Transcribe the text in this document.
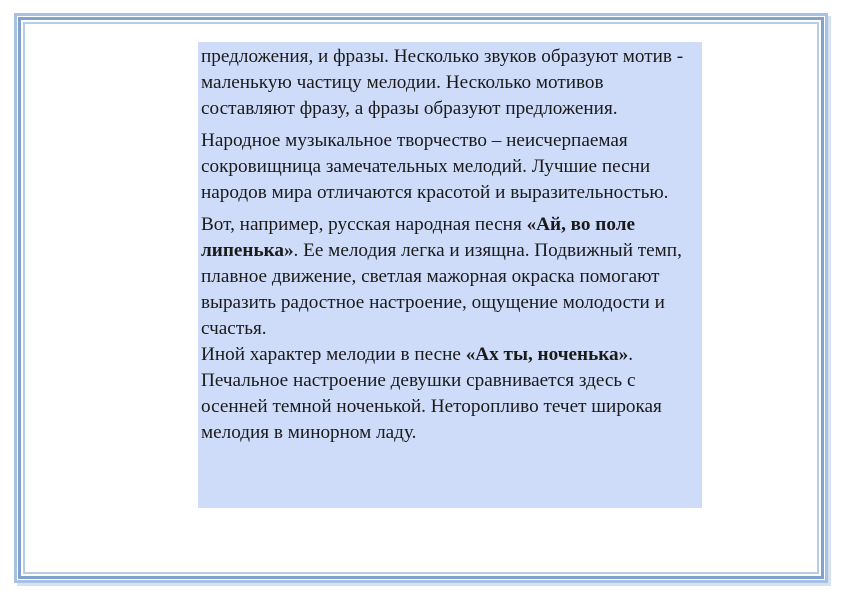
предложения, и фразы. Несколько звуков образуют мотив - маленькую частицу мелодии. Несколько мотивов составляют фразу, а фразы образуют предложения.

Народное музыкальное творчество – неисчерпаемая сокровищница замечательных мелодий. Лучшие песни народов мира отличаются красотой и выразительностью.

Вот, например, русская народная песня «Ай, во поле липенька». Ее мелодия легка и изящна. Подвижный темп, плавное движение, светлая мажорная окраска помогают выразить радостное настроение, ощущение молодости и счастья.

Иной характер мелодии в песне «Ах ты, ноченька». Печальное настроение девушки сравнивается здесь с осенней темной ноченькой. Неторопливо течет широкая мелодия в минорном ладу.
